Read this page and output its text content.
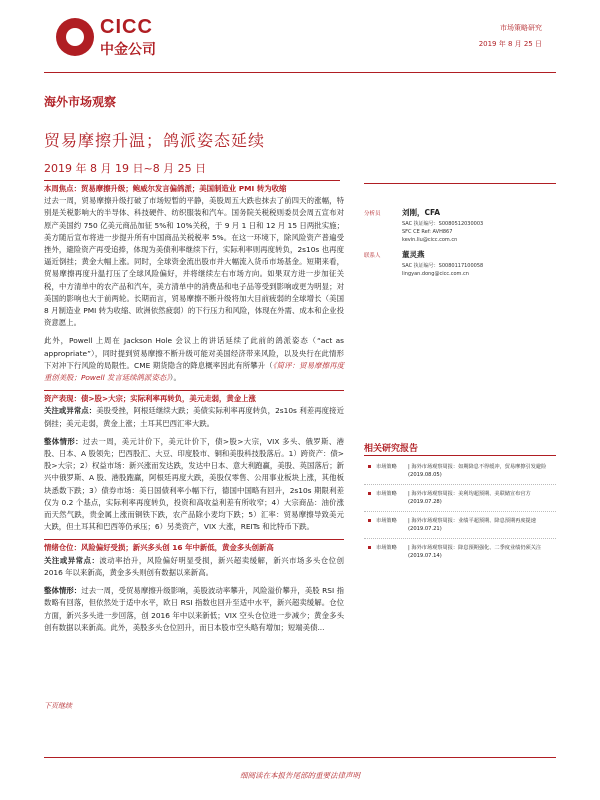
CICC
中金公司
市场策略研究
2019 年 8 月 25 日
海外市场观察
贸易摩擦升温；鸽派姿态延续
2019 年 8 月 19 日~8 月 25 日

本周焦点：贸易摩擦升级；鲍威尔发言偏鸽派；美国制造业 PMI 转为收缩
过去一周，贸易摩擦升级打破了市场短暂的平静，美股周五大跌也抹去了前四天的涨幅，特别是关税影响大的半导体、科技硬件、纺织服装和汽车。国务院关税税则委员会周五宣布对原产美国约 750 亿美元商品加征 5%和 10%关税，于 9 月 1 日和 12 月 15 日两批实施；美方随后宣布将进一步提升所有中国商品关税税率 5%。在这一环境下，除风险资产普遍受挫外，避险资产再受追捧，体现为美债利率继续下行，实际利率则再度转负，2s10s 也再度逼近倒挂；黄金大幅上涨。同时，全球资金流出股市并大幅流入货币市场基金。短期来看，贸易摩擦再度升温打压了全球风险偏好，并将继续左右市场方向。如果双方进一步加征关税，中方清单中的农产品和汽车，美方清单中的消费品和电子品等受到影响或更为明显；对美国的影响也大于前两轮。长期而言，贸易摩擦不断升级将加大目前疲弱的全球增长（美国 8 月制造业 PMI 转为收缩、欧洲依然疲弱）的下行压力和风险，体现在外需、成本和企业投资意愿上。

此外，Powell 上周在 Jackson Hole 会议上的讲话延续了此前的鸽派姿态（“act as appropriate”），同时提到贸易摩擦不断升级可能对美国经济带来风险，以及央行在此情形下对冲下行风险的局限性。CME 期货隐含的降息概率因此有所攀升（《简评：贸易摩擦再度重创美股；Powell 发言延续鸽派姿态》）。

资产表现：债>股>大宗；实际利率再转负，美元走弱，黄金上涨
关注或异常点：美股受挫，阿根廷继续大跌；美债实际利率再度转负，2s10s 利差再度接近倒挂；美元走弱，黄金上涨；土耳其巴西汇率大跌。

整体情形：过去一周，美元计价下，美元计价下，债>股>大宗，VIX 多头、俄罗斯、港股、日本、A 股领先；巴西股汇、大豆、印度股市、铜和美股科技股落后。1）跨资产：债>股>大宗；2）权益市场：新兴涨而发达跌，发达中日本、意大利跑赢，美股、英国落后；新兴中俄罗斯、A 股、港股跑赢，阿根廷再度大跌，美股仅零售、公用事业板块上涨，其他板块悉数下跌；3）债券市场：美日国债利率小幅下行，德国中国略有回升，2s10s 期限利差仅为 0.2 个基点，实际利率再度转负，投资和高收益利差有所收窄；4）大宗商品：油价涨而天然气跌，贵金属上涨而铜铁下跌，农产品除小麦均下跌；5）汇率：贸易摩擦导致美元大跌，但土耳其和巴西等仍承压；6）另类资产，VIX 大涨，REITs 和比特币下跌。

情绪仓位：风险偏好受损；新兴多头创 16 年中新低，黄金多头创新高
关注或异常点：波动率抬升，风险偏好明显受损，新兴超卖缓解，新兴市场多头仓位创 2016 年以来新高，黄金多头则创有数据以来新高。

整体情形：过去一周，受贸易摩擦升级影响，美股波动率攀升，风险溢价攀升，美股 RSI 指数略有回落，但依然处于适中水平，欧日 RSI 指数也回升至适中水平，新兴超卖缓解。仓位方面，新兴多头进一步回落，创 2016 年中以来新低；VIX 空头仓位进一步减少；黄金多头创有数据以来新高。此外，美股多头仓位回升，而日本股市空头略有增加；短端美债...

下页继续
分析员	刘刚，CFA
SAC 执证编号：S0080512030003
SFC CE Ref: AVH867
kevin.liu@cicc.com.cn
联系人	董灵燕
SAC 执证编号：S0080117100058
lingyan.dong@cicc.com.cn
相关研究报告
市场策略 | 海外市场观察周报：如期降息不得缓冲，贸易摩擦引发避险 (2019.08.05)
市场策略 | 海外市场观察周报：美利均超预期、美联储宣布官方 (2019.07.28)
市场策略 | 海外市场观察周报：业绩平超预期、降息预期再度提速 (2019.07.21)
市场策略 | 海外市场观察周报：降息预期强化、二季度业绩仍须关注 (2019.07.14)
细阅读在本报告尾部的重要法律声明
